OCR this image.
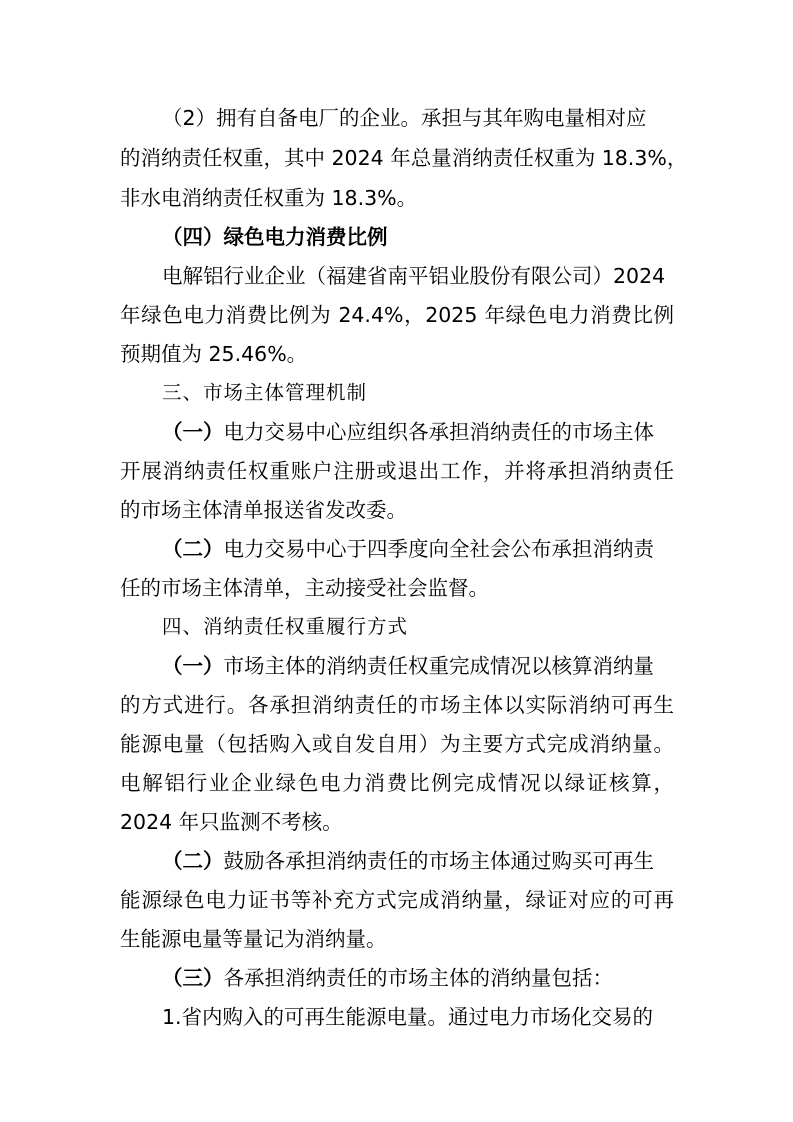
（2）拥有自备电厂的企业。承担与其年购电量相对应
的消纳责任权重，其中 2024 年总量消纳责任权重为 18.3%，
非水电消纳责任权重为 18.3%。
（四）绿色电力消费比例
电解铝行业企业（福建省南平铝业股份有限公司）2024
年绿色电力消费比例为 24.4%，2025 年绿色电力消费比例
预期值为 25.46%。
三、市场主体管理机制
（一）电力交易中心应组织各承担消纳责任的市场主体
开展消纳责任权重账户注册或退出工作，并将承担消纳责任
的市场主体清单报送省发改委。
（二）电力交易中心于四季度向全社会公布承担消纳责
任的市场主体清单，主动接受社会监督。
四、消纳责任权重履行方式
（一）市场主体的消纳责任权重完成情况以核算消纳量
的方式进行。各承担消纳责任的市场主体以实际消纳可再生
能源电量（包括购入或自发自用）为主要方式完成消纳量。
电解铝行业企业绿色电力消费比例完成情况以绿证核算，
2024 年只监测不考核。
（二）鼓励各承担消纳责任的市场主体通过购买可再生
能源绿色电力证书等补充方式完成消纳量，绿证对应的可再
生能源电量等量记为消纳量。
（三）各承担消纳责任的市场主体的消纳量包括：
1.省内购入的可再生能源电量。通过电力市场化交易的
